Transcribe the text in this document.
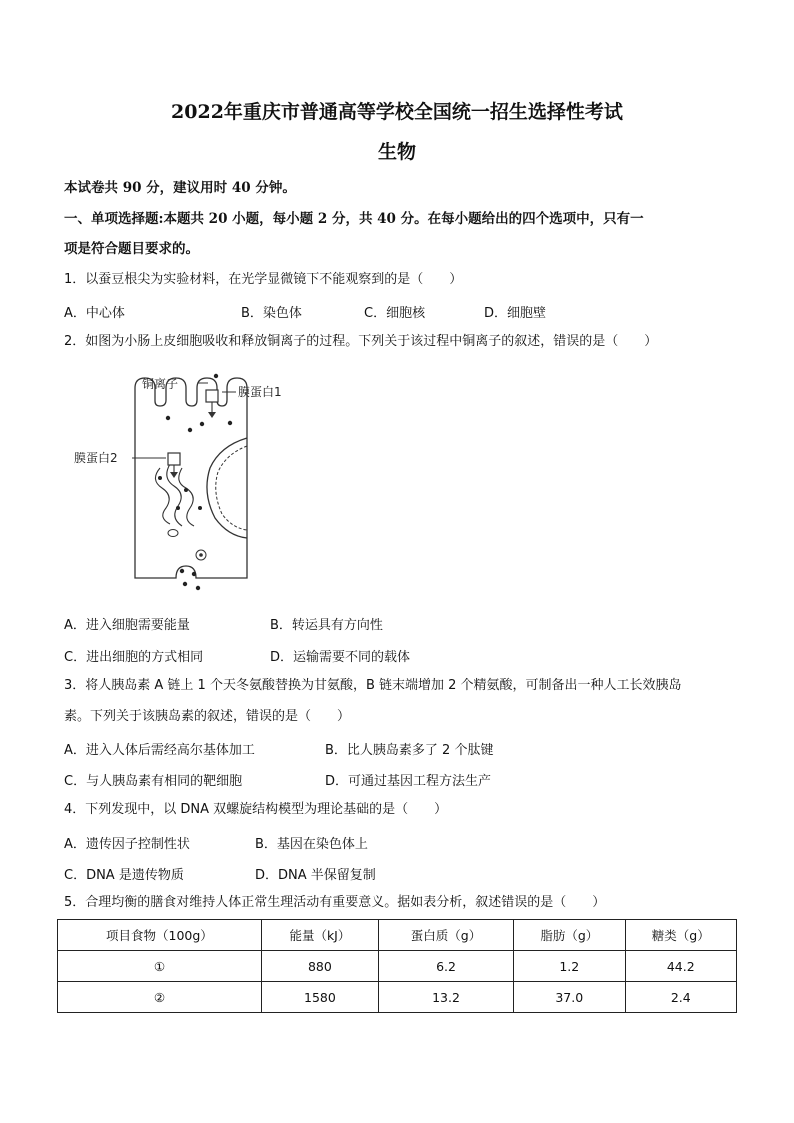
2022年重庆市普通高等学校全国统一招生选择性考试
生物
本试卷共 90 分，建议用时 40 分钟。
一、单项选择题:本题共 20 小题，每小题 2 分，共 40 分。在每小题给出的四个选项中，只有一
项是符合题目要求的。
1．以蚕豆根尖为实验材料，在光学显微镜下不能观察到的是（　　）
A．中心体	B．染色体	C．细胞核	D．细胞壁
2．如图为小肠上皮细胞吸收和释放铜离子的过程。下列关于该过程中铜离子的叙述，错误的是（　　）
铜离子
膜蛋白1
膜蛋白2
A．进入细胞需要能量	B．转运具有方向性
C．进出细胞的方式相同	D．运输需要不同的载体
3．将人胰岛素 A 链上 1 个天冬氨酸替换为甘氨酸，B 链末端增加 2 个精氨酸，可制备出一种人工长效胰岛
素。下列关于该胰岛素的叙述，错误的是（　　）
A．进入人体后需经高尔基体加工	B．比人胰岛素多了 2 个肽键
C．与人胰岛素有相同的靶细胞	D．可通过基因工程方法生产
4．下列发现中，以 DNA 双螺旋结构模型为理论基础的是（　　）
A．遗传因子控制性状	B．基因在染色体上
C．DNA 是遗传物质	D．DNA 半保留复制
5．合理均衡的膳食对维持人体正常生理活动有重要意义。据如表分析，叙述错误的是（　　）
项目食物（100g）	能量（kJ）	蛋白质（g）	脂肪（g）	糖类（g）
①	880	6.2	1.2	44.2
②	1580	13.2	37.0	2.4
